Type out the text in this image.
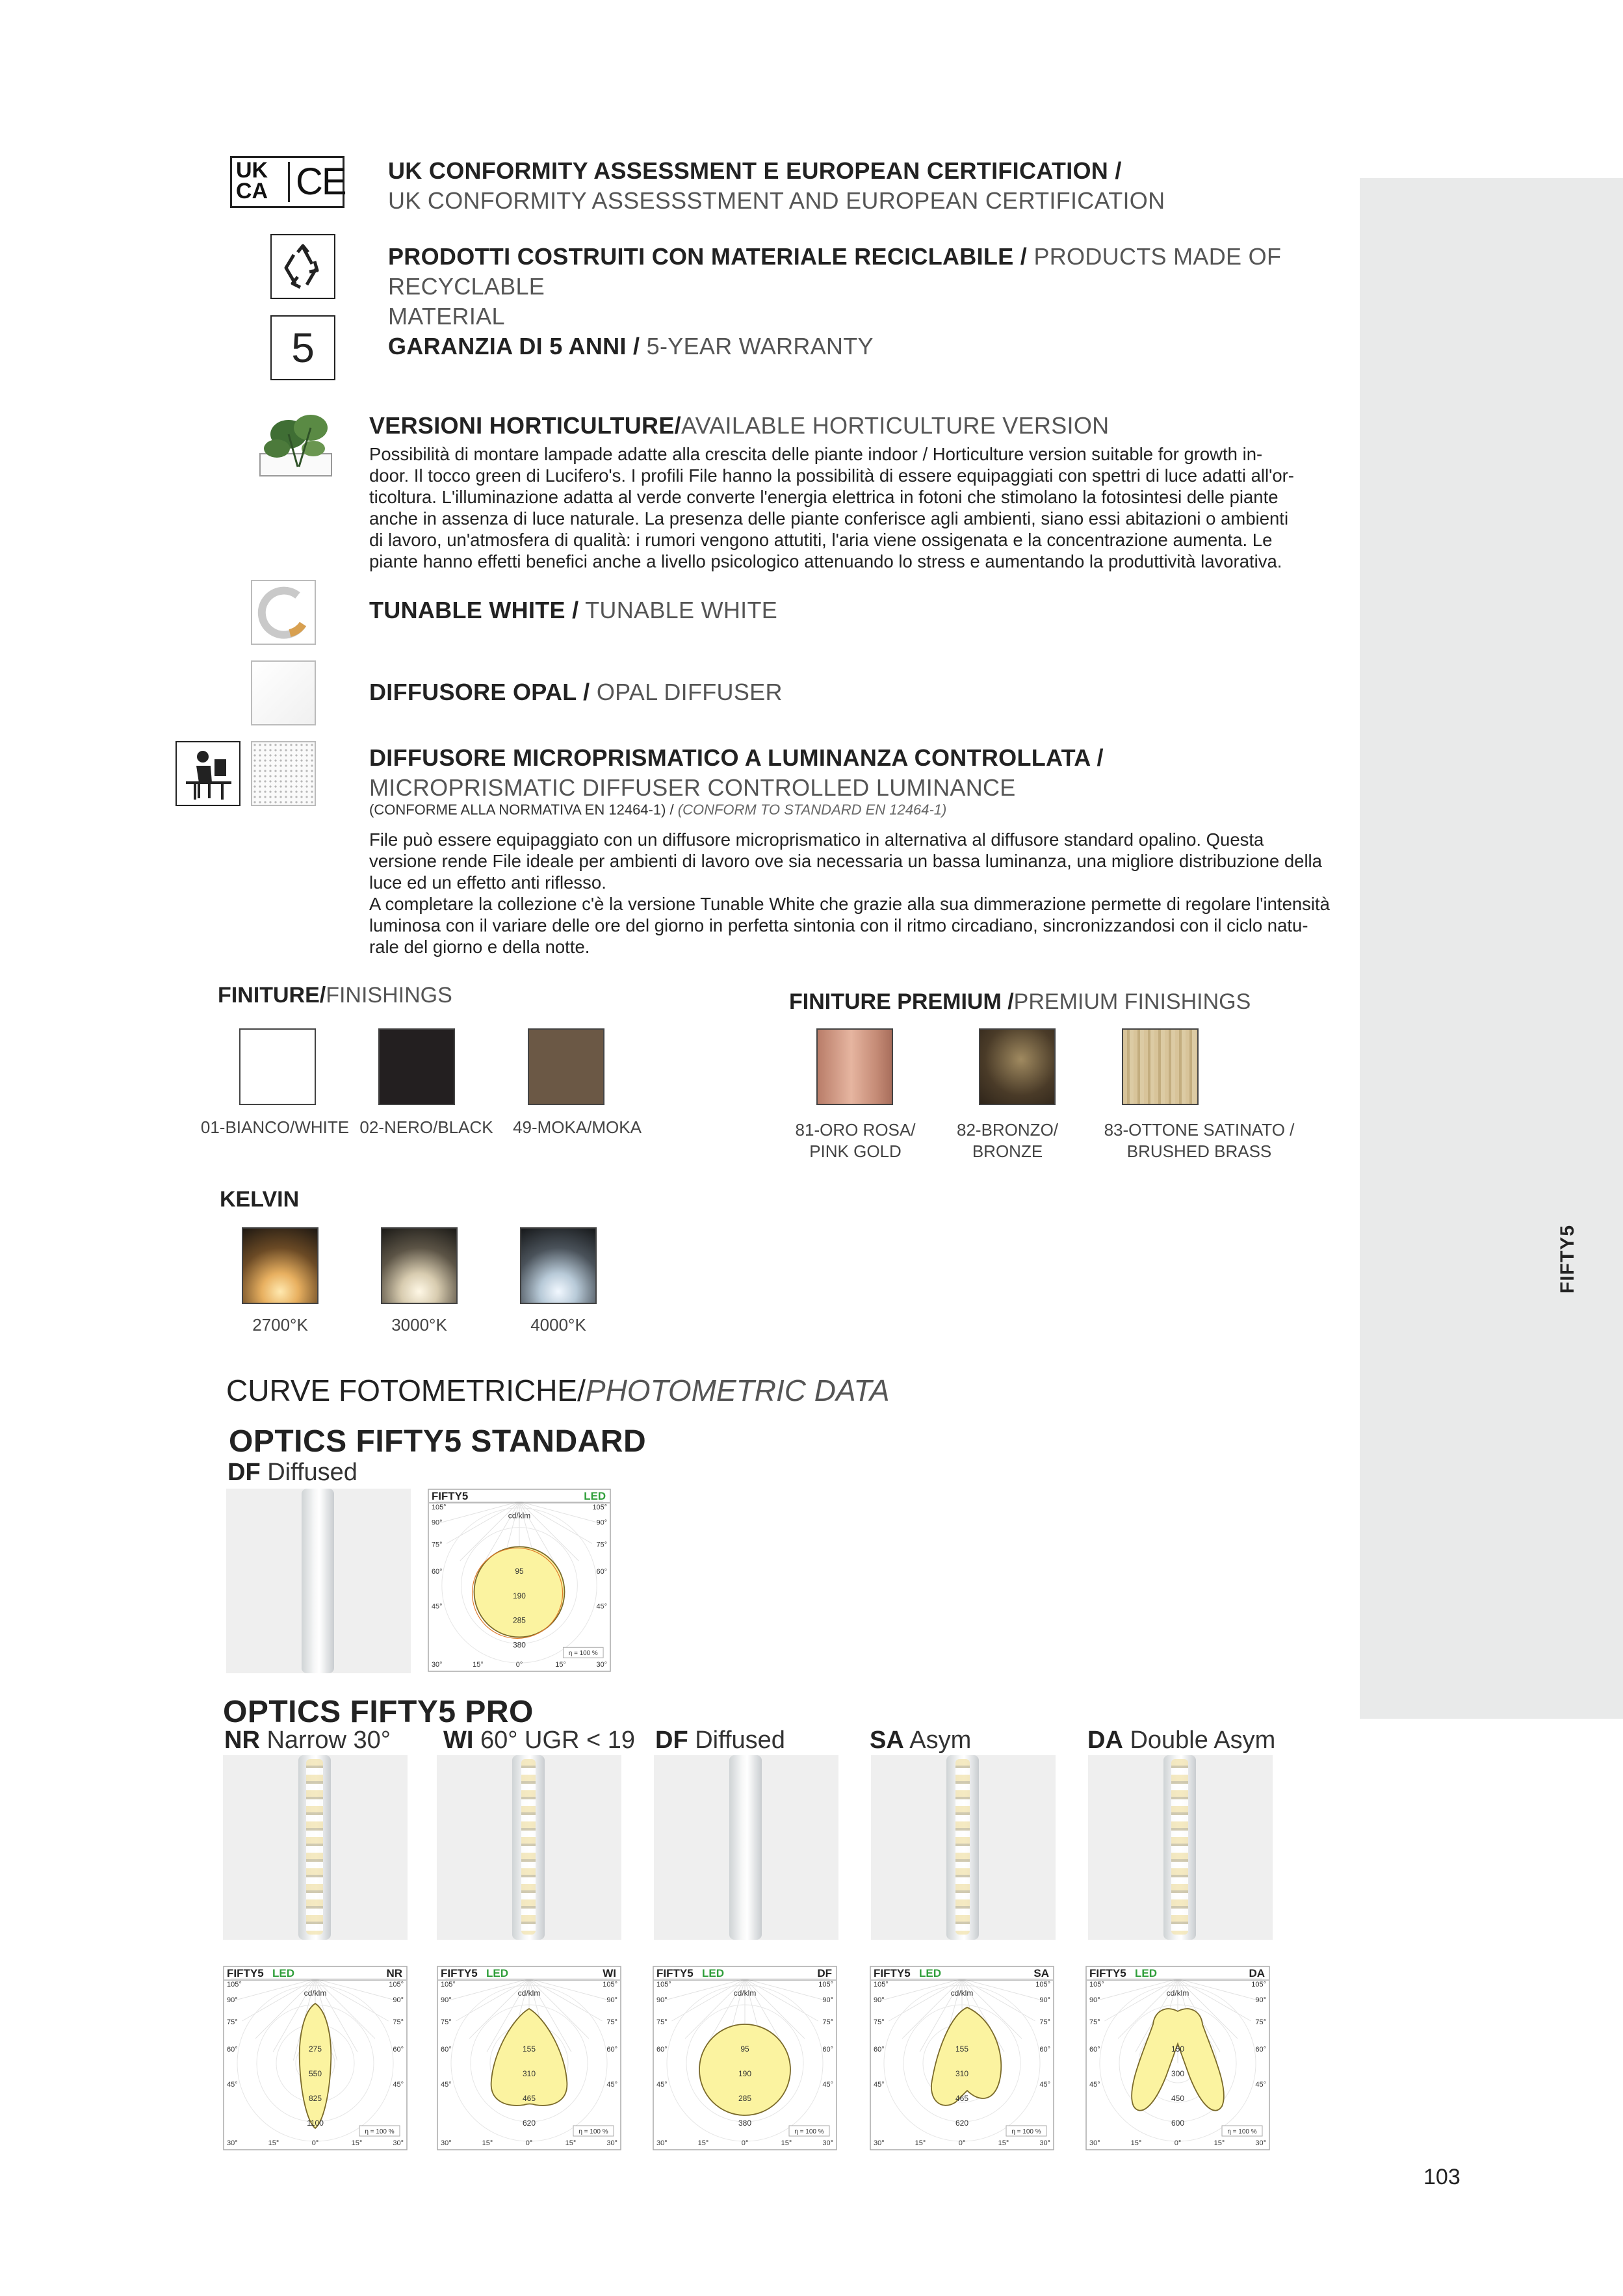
FIFTY5
UK
CA CE UK CONFORMITY ASSESSMENT E EUROPEAN CERTIFICATION /
UK CONFORMITY ASSESSSTMENT AND EUROPEAN CERTIFICATION
PRODOTTI COSTRUITI CON MATERIALE RECICLABILE / PRODUCTS MADE OF RECYCLABLE
MATERIAL
5	GARANZIA DI 5 ANNI / 5-YEAR WARRANTY
VERSIONI HORTICULTURE/AVAILABLE HORTICULTURE VERSION
Possibilità di montare lampade adatte alla crescita delle piante indoor / Horticulture version suitable for growth in-
door. Il tocco green di Lucifero's. I profili File hanno la possibilità di essere equipaggiati con spettri di luce adatti all'or-
ticoltura. L'illuminazione adatta al verde converte l'energia elettrica in fotoni che stimolano la fotosintesi delle piante
anche in assenza di luce naturale. La presenza delle piante conferisce agli ambienti, siano essi abitazioni o ambienti
di lavoro, un'atmosfera di qualità: i rumori vengono attutiti, l'aria viene ossigenata e la concentrazione aumenta. Le
piante hanno effetti benefici anche a livello psicologico attenuando lo stress e aumentando la produttività lavorativa.
TUNABLE WHITE / TUNABLE WHITE
DIFFUSORE OPAL / OPAL DIFFUSER
DIFFUSORE MICROPRISMATICO A LUMINANZA CONTROLLATA /
MICROPRISMATIC DIFFUSER CONTROLLED LUMINANCE
(CONFORME ALLA NORMATIVA EN 12464-1) / (CONFORM TO STANDARD EN 12464-1)
File può essere equipaggiato con un diffusore microprismatico in alternativa al diffusore standard opalino. Questa
versione rende File ideale per ambienti di lavoro ove sia necessaria un bassa luminanza, una migliore distribuzione della
luce ed un effetto anti riflesso.
A completare la collezione c'è la versione Tunable White che grazie alla sua dimmerazione permette di regolare l'intensità
luminosa con il variare delle ore del giorno in perfetta sintonia con il ritmo circadiano, sincronizzandosi con il ciclo natu-
rale del giorno e della notte.
FINITURE/FINISHINGS
01-BIANCO/WHITE 02-NERO/BLACK	49-MOKA/MOKA
FINITURE PREMIUM /PREMIUM FINISHINGS
81-ORO ROSA/
PINK GOLD
82-BRONZO/
BRONZE
83-OTTONE SATINATO /
BRUSHED BRASS
KELVIN
2700°K	3000°K	4000°K
CURVE FOTOMETRICHE/PHOTOMETRIC DATA
OPTICS FIFTY5 STANDARD
DF Diffused
FIFTY5	LED
cd/klm
105°	105°
90°	90°
75°	75°
60°	60°
45°	45°
30°	15°	0°	15°	30°
95
190
285
380
η = 100 %
OPTICS FIFTY5 PRO
NR Narrow 30° WI 60° UGR < 19 DF Diffused	SA Asym	DA Double Asym
FIFTY5 LED	NR
cd/klm
105°	105°
90°	90°
75°	75°
60°	60°
45°	45°
30°	15°	0°	15°	30°
275
550
825
1100
η = 100 %
FIFTY5 LED	WI
cd/klm
105°	105°
90°	90°
75°	75°
60°	60°
45°	45°
30°	15°	0°	15°	30°
155
310
465
620
η = 100 %
FIFTY5 LED	DF
cd/klm
105°	105°
90°	90°
75°	75°
60°	60°
45°	45°
30°	15°	0°	15°	30°
95
190
285
380
η = 100 %
FIFTY5 LED	SA
cd/klm
105°	105°
90°	90°
75°	75°
60°	60°
45°	45°
30°	15°	0°	15°	30°
155
310
465
620
η = 100 %
FIFTY5 LED	DA
cd/klm
105°	105°
90°	90°
75°	75°
60°	60°
45°	45°
30°	15°	0°	15°	30°
150
300
450
600
η = 100 %
103
